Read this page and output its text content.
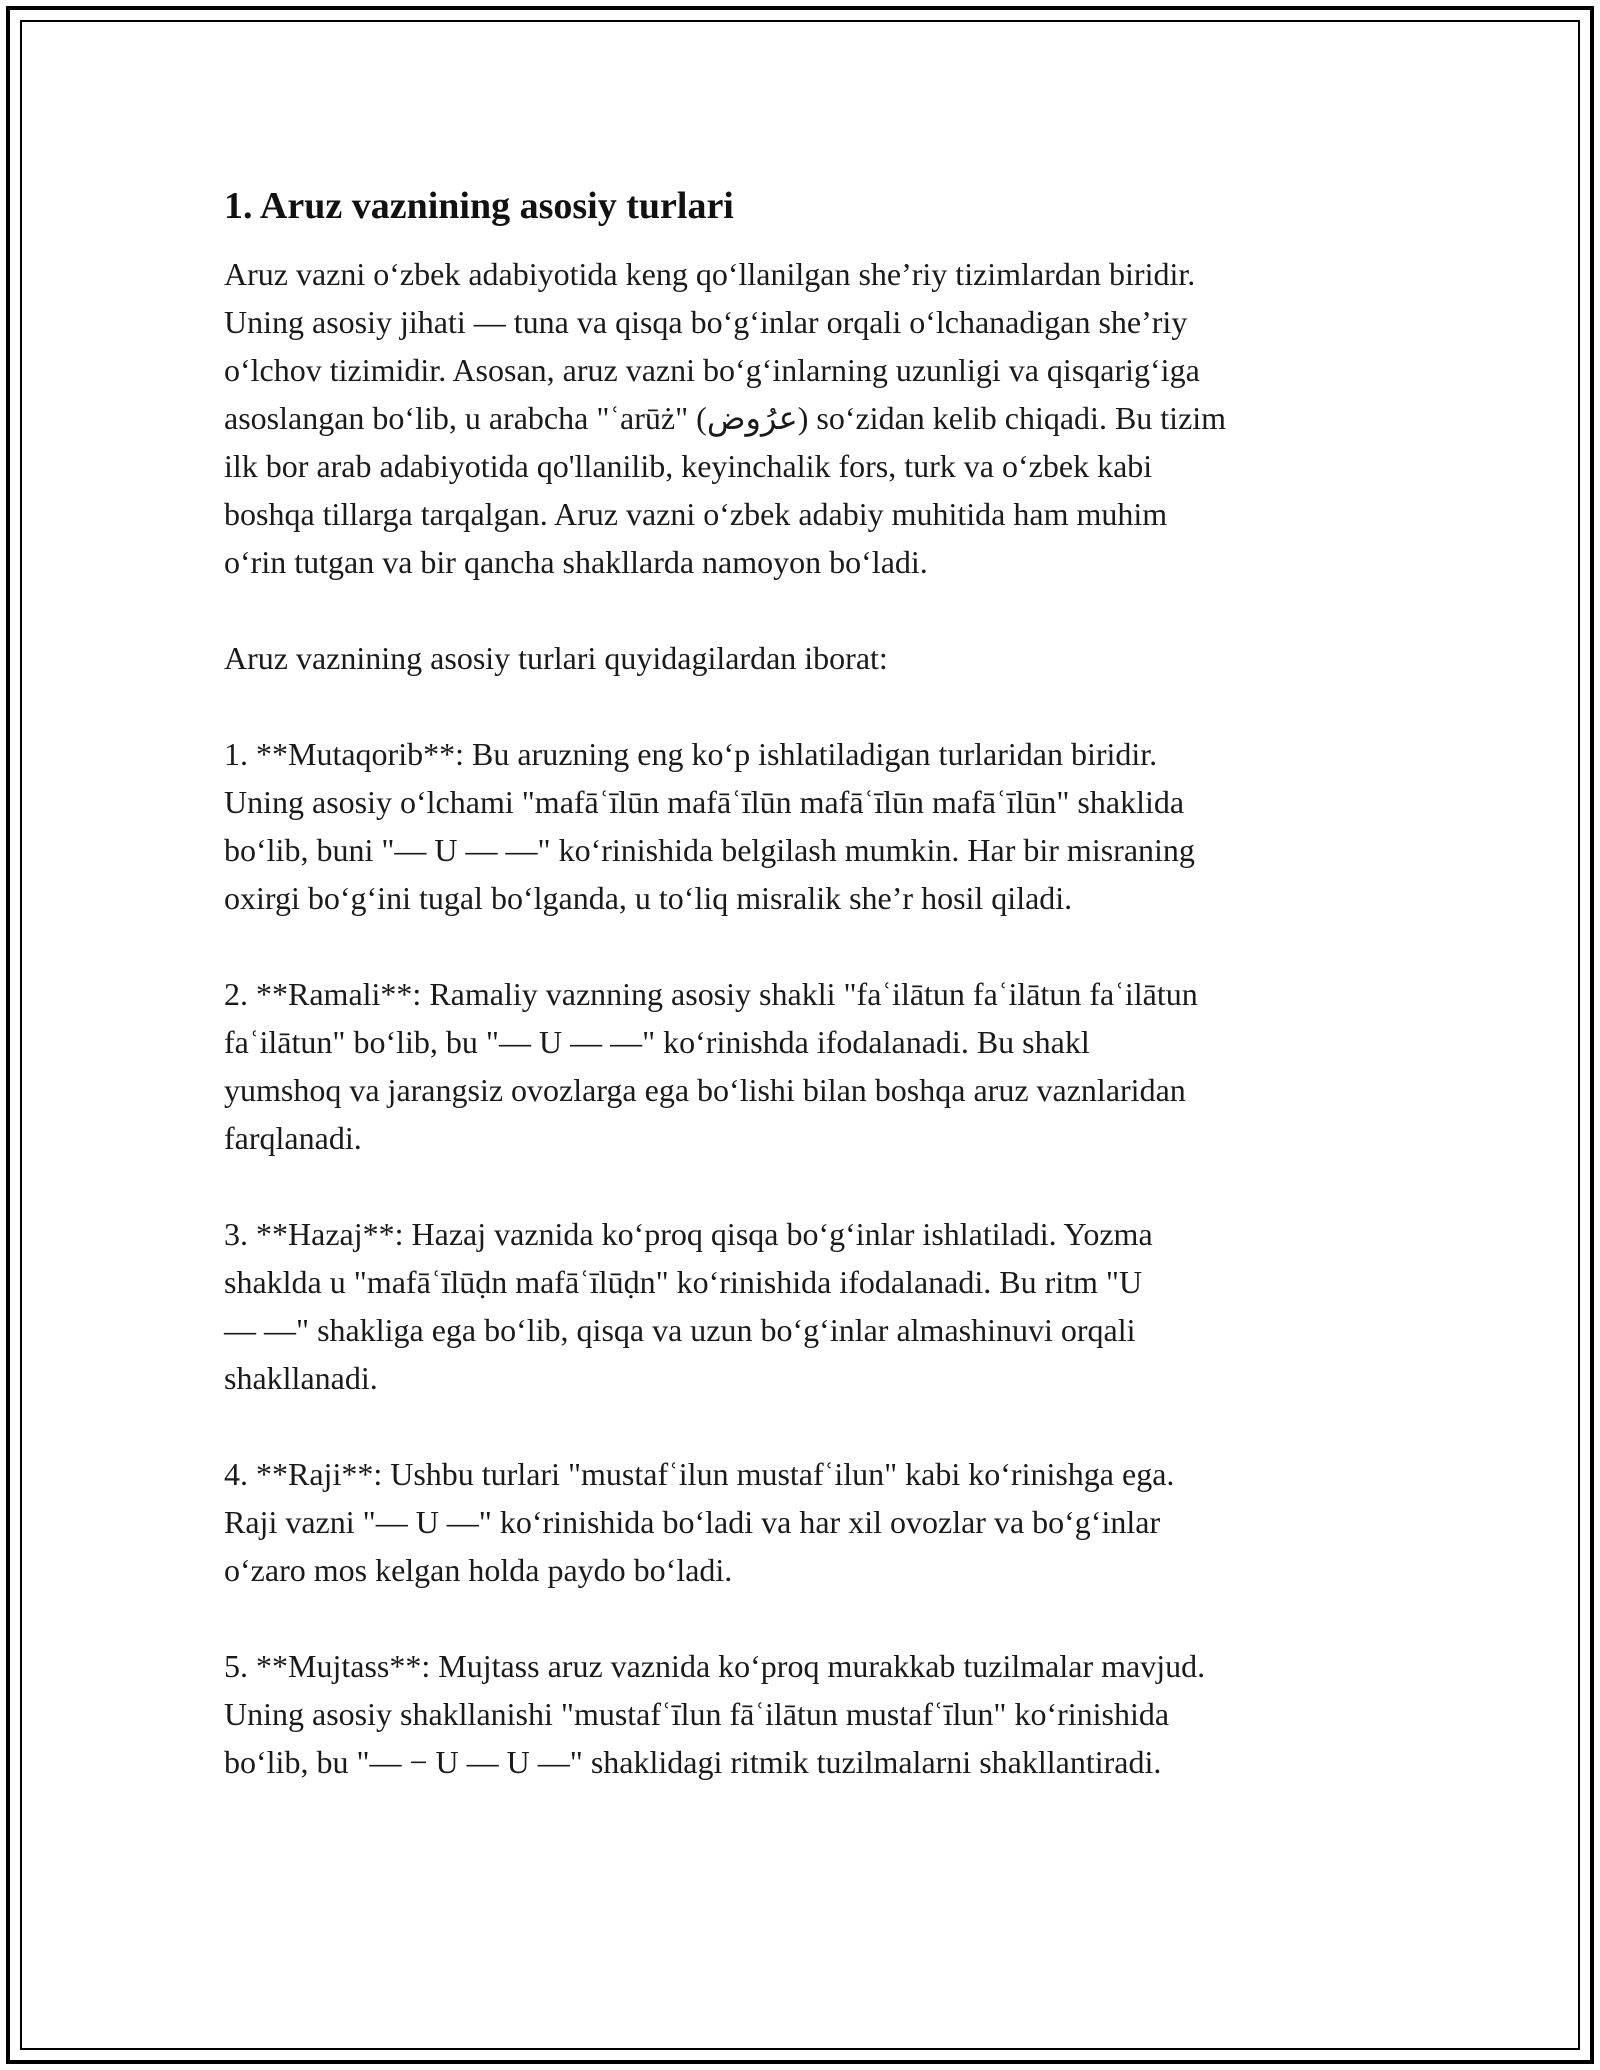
1. Aruz vaznining asosiy turlari
Aruz vazni o‘zbek adabiyotida keng qo‘llanilgan she’riy tizimlardan biridir.
Uning asosiy jihati — tuna va qisqa bo‘g‘inlar orqali o‘lchanadigan she’riy
o‘lchov tizimidir. Asosan, aruz vazni bo‘g‘inlarning uzunligi va qisqarig‘iga
asoslangan bo‘lib, u arabcha "ʿarūż" (عرُوض) so‘zidan kelib chiqadi. Bu tizim
ilk bor arab adabiyotida qo'llanilib, keyinchalik fors, turk va o‘zbek kabi
boshqa tillarga tarqalgan. Aruz vazni o‘zbek adabiy muhitida ham muhim
o‘rin tutgan va bir qancha shakllarda namoyon bo‘ladi.
Aruz vaznining asosiy turlari quyidagilardan iborat:
1. **Mutaqorib**: Bu aruzning eng ko‘p ishlatiladigan turlaridan biridir.
Uning asosiy o‘lchami "mafāʿīlūn mafāʿīlūn mafāʿīlūn mafāʿīlūn" shaklida
bo‘lib, buni "— U — —" ko‘rinishida belgilash mumkin. Har bir misraning
oxirgi bo‘g‘ini tugal bo‘lganda, u to‘liq misralik she’r hosil qiladi.
2. **Ramali**: Ramaliy vaznning asosiy shakli "faʿilātun faʿilātun faʿilātun
faʿilātun" bo‘lib, bu "— U — —" ko‘rinishda ifodalanadi. Bu shakl
yumshoq va jarangsiz ovozlarga ega bo‘lishi bilan boshqa aruz vaznlaridan
farqlanadi.
3. **Hazaj**: Hazaj vaznida ko‘proq qisqa bo‘g‘inlar ishlatiladi. Yozma
shaklda u "mafāʿīlūḍn mafāʿīlūḍn" ko‘rinishida ifodalanadi. Bu ritm "U
— —" shakliga ega bo‘lib, qisqa va uzun bo‘g‘inlar almashinuvi orqali
shakllanadi.
4. **Raji**: Ushbu turlari "mustafʿilun mustafʿilun" kabi ko‘rinishga ega.
Raji vazni "— U —" ko‘rinishida bo‘ladi va har xil ovozlar va bo‘g‘inlar
o‘zaro mos kelgan holda paydo bo‘ladi.
5. **Mujtass**: Mujtass aruz vaznida ko‘proq murakkab tuzilmalar mavjud.
Uning asosiy shakllanishi "mustafʿīlun fāʿilātun mustafʿīlun" ko‘rinishida
bo‘lib, bu "— − U — U —" shaklidagi ritmik tuzilmalarni shakllantiradi.
